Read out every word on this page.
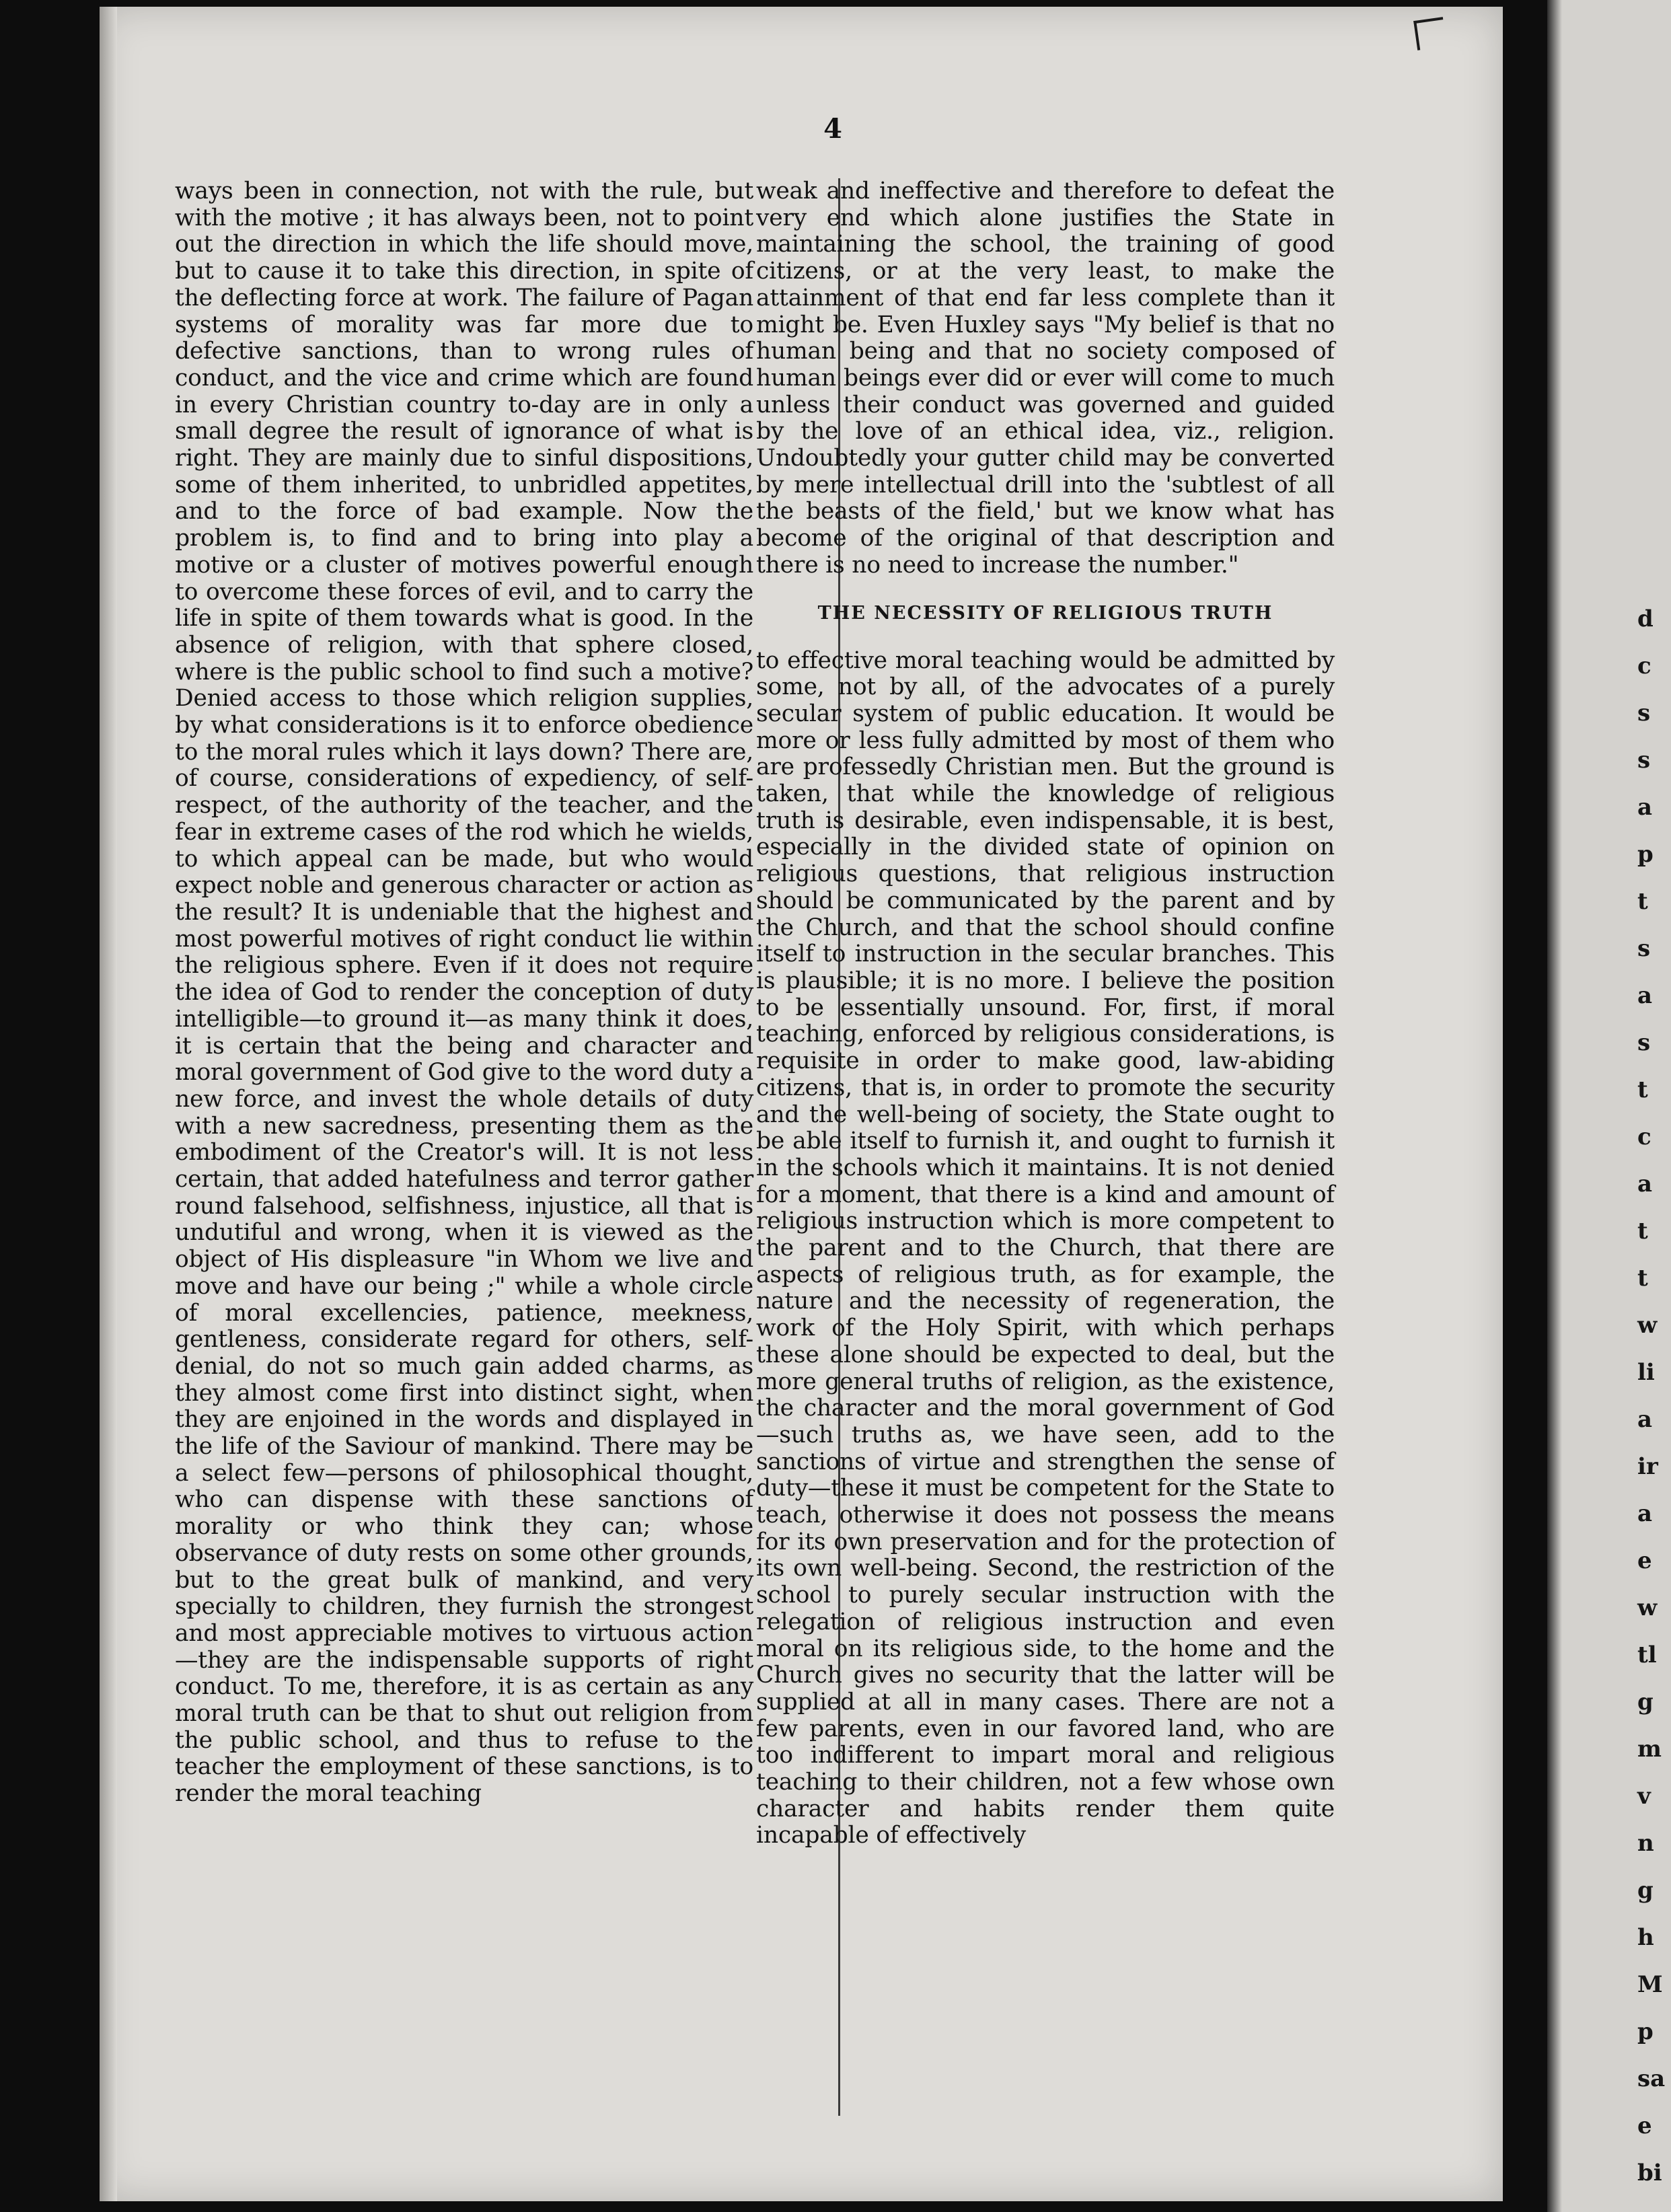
4

ways been in connection, not with the rule, but with the motive ; it has always been, not to point out the direction in which the life should move, but to cause it to take this direction, in spite of the deflecting force at work. The failure of Pagan systems of morality was far more due to defective sanctions, than to wrong rules of conduct, and the vice and crime which are found in every Christian country to-day are in only a small degree the result of ignorance of what is right. They are mainly due to sinful dispositions, some of them inherited, to unbridled appetites, and to the force of bad example. Now the problem is, to find and to bring into play a motive or a cluster of motives powerful enough to overcome these forces of evil, and to carry the life in spite of them towards what is good. In the absence of religion, with that sphere closed, where is the public school to find such a motive? Denied access to those which religion supplies, by what considerations is it to enforce obedience to the moral rules which it lays down? There are, of course, considerations of expediency, of self-respect, of the authority of the teacher, and the fear in extreme cases of the rod which he wields, to which appeal can be made, but who would expect noble and generous character or action as the result? It is undeniable that the highest and most powerful motives of right conduct lie within the religious sphere. Even if it does not require the idea of God to render the conception of duty intelligible—to ground it—as many think it does, it is certain that the being and character and moral government of God give to the word duty a new force, and invest the whole details of duty with a new sacredness, presenting them as the embodiment of the Creator's will. It is not less certain, that added hatefulness and terror gather round falsehood, selfishness, injustice, all that is undutiful and wrong, when it is viewed as the object of His displeasure "in Whom we live and move and have our being ;" while a whole circle of moral excellencies, patience, meekness, gentleness, considerate regard for others, self-denial, do not so much gain added charms, as they almost come first into distinct sight, when they are enjoined in the words and displayed in the life of the Saviour of mankind. There may be a select few—persons of philosophical thought, who can dispense with these sanctions of morality or who think they can; whose observance of duty rests on some other grounds, but to the great bulk of mankind, and very specially to children, they furnish the strongest and most appreciable motives to virtuous action—they are the indispensable supports of right conduct. To me, therefore, it is as certain as any moral truth can be that to shut out religion from the public school, and thus to refuse to the teacher the employment of these sanctions, is to render the moral teaching

weak and ineffective and therefore to defeat the very end which alone justifies the State in maintaining the school, the training of good citizens, or at the very least, to make the attainment of that end far less complete than it might be. Even Huxley says "My belief is that no human being and that no society composed of human beings ever did or ever will come to much unless their conduct was governed and guided by the love of an ethical idea, viz., religion. Undoubtedly your gutter child may be converted by mere intellectual drill into the 'subtlest of all the beasts of the field,' but we know what has become of the original of that description and there is no need to increase the number."

THE NECESSITY OF RELIGIOUS TRUTH

to effective moral teaching would be admitted by some, not by all, of the advocates of a purely secular system of public education. It would be more or less fully admitted by most of them who are professedly Christian men. But the ground is taken, that while the knowledge of religious truth is desirable, even indispensable, it is best, especially in the divided state of opinion on religious questions, that religious instruction should be communicated by the parent and by the Church, and that the school should confine itself to instruction in the secular branches. This is plausible; it is no more. I believe the position to be essentially unsound. For, first, if moral teaching, enforced by religious considerations, is requisite in order to make good, law-abiding citizens, that is, in order to promote the security and the well-being of society, the State ought to be able itself to furnish it, and ought to furnish it in the schools which it maintains. It is not denied for a moment, that there is a kind and amount of religious instruction which is more competent to the parent and to the Church, that there are aspects of religious truth, as for example, the nature and the necessity of regeneration, the work of the Holy Spirit, with which perhaps these alone should be expected to deal, but the more general truths of religion, as the existence, the character and the moral government of God—such truths as, we have seen, add to the sanctions of virtue and strengthen the sense of duty—these it must be competent for the State to teach, otherwise it does not possess the means for its own preservation and for the protection of its own well-being. Second, the restriction of the school to purely secular instruction with the relegation of religious instruction and even moral on its religious side, to the home and the Church gives no security that the latter will be supplied at all in many cases. There are not a few parents, even in our favored land, who are too indifferent to impart moral and religious teaching to their children, not a few whose own character and habits render them quite incapable of effectively

d
c
s
s
a
p
t
s
a
s
t
c
a
t
t
w
li
a
ir
a
e
w
tl
g
m
v
n
g
h
M
p
sa
e
bi
